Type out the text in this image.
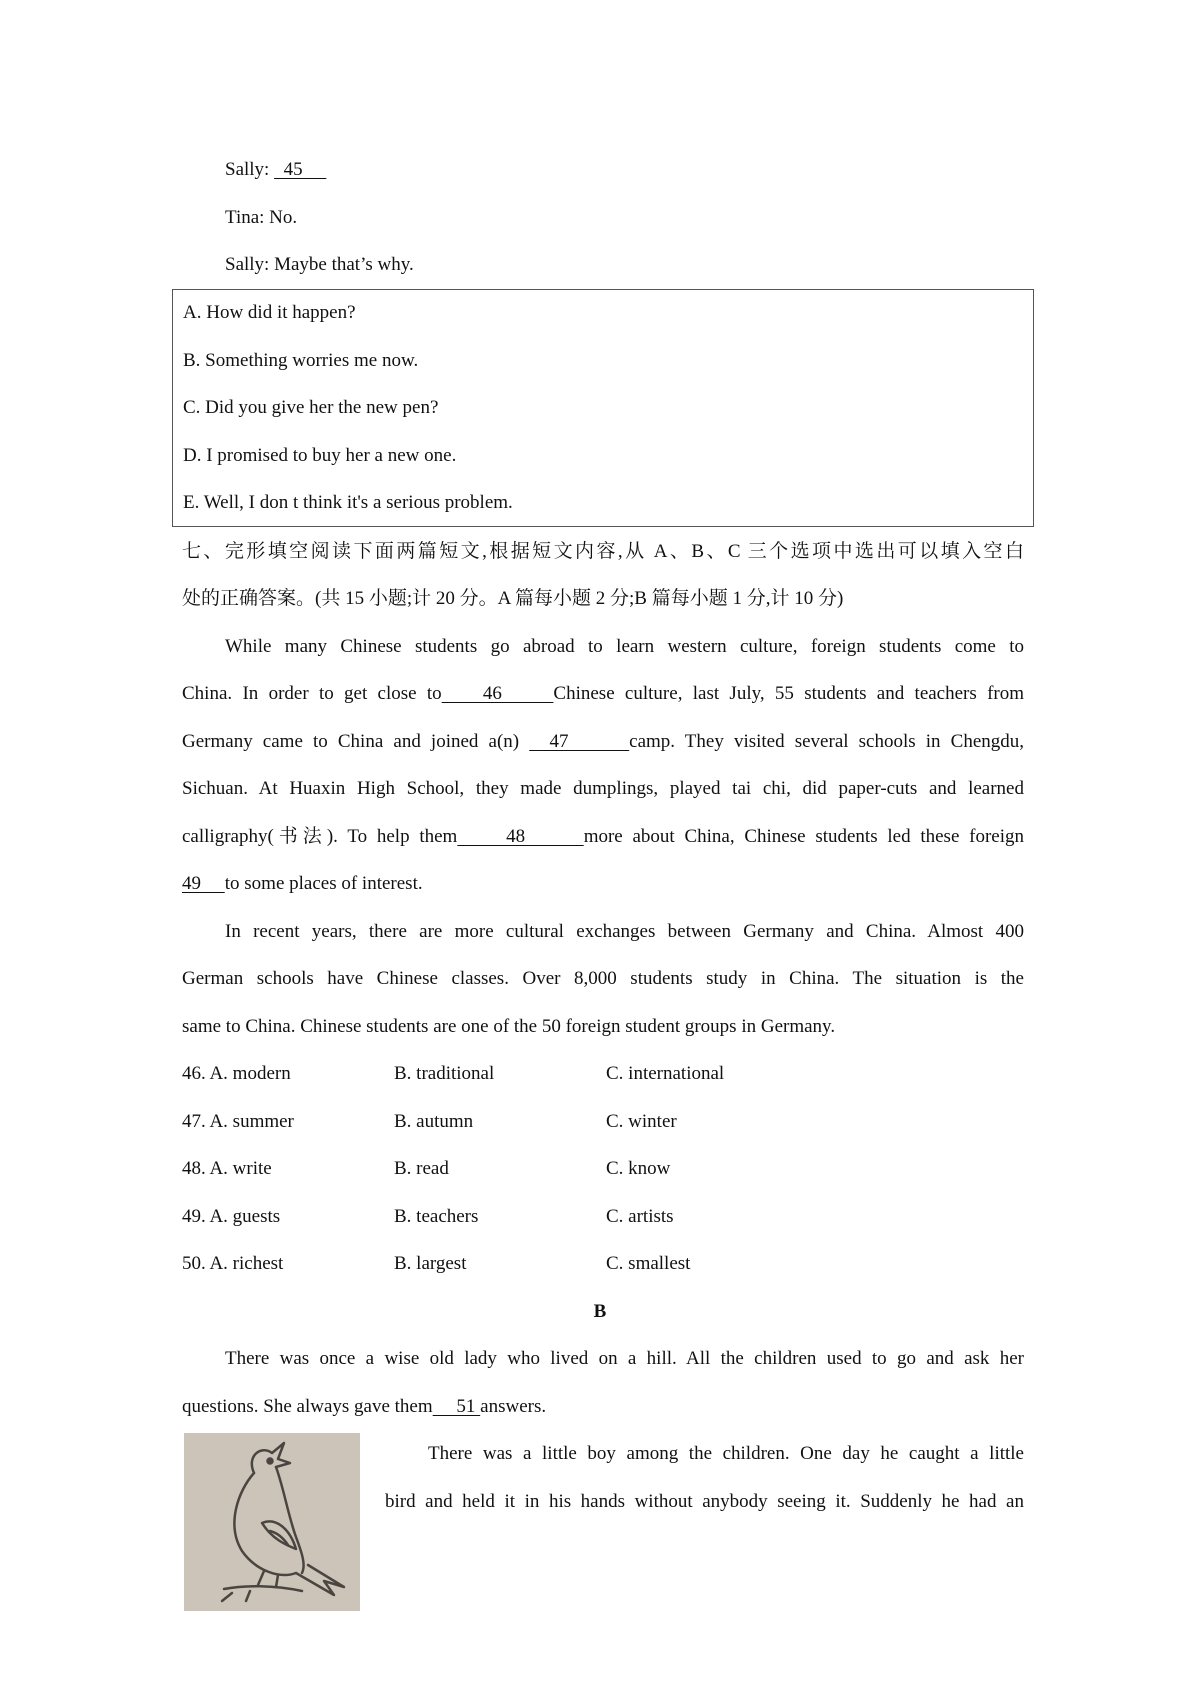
Sally:   45
Tina: No.
Sally: Maybe that’s why.
A. How did it happen?
B. Something worries me now.
C. Did you give her the new pen?
D. I promised to buy her a new one.
E. Well, I don t think it's a serious problem.
七、完形填空阅读下面两篇短文,根据短文内容,从 A、B、C 三个选项中选出可以填入空白
处的正确答案。(共 15 小题;计 20 分。A 篇每小题 2 分;B 篇每小题 1 分,计 10 分)
While many Chinese students go abroad to learn western culture, foreign students come to
China. In order to get close to    46     Chinese culture, last July, 55 students and teachers from
Germany came to China and joined a(n)   47      camp. They visited several schools in Chengdu,
Sichuan. At Huaxin High School, they made dumplings, played tai chi, did paper-cuts and learned
calligraphy(书法). To help them     48      more about China, Chinese students led these foreign
49     to some places of interest.
In recent years, there are more cultural exchanges between Germany and China. Almost 400
German schools have Chinese classes. Over 8,000 students study in China. The situation is the
same to China. Chinese students are one of the 50 foreign student groups in Germany.
46. A. modern	B. traditional	C. international
47. A. summer	B. autumn	C. winter
48. A. write	B. read	C. know
49. A. guests	B. teachers	C. artists
50. A. richest	B. largest	C. smallest
B
There was once a wise old lady who lived on a hill. All the children used to go and ask her
questions. She always gave them     51 answers.
There was a little boy among the children. One day he caught a little
bird and held it in his hands without anybody seeing it. Suddenly he had an
